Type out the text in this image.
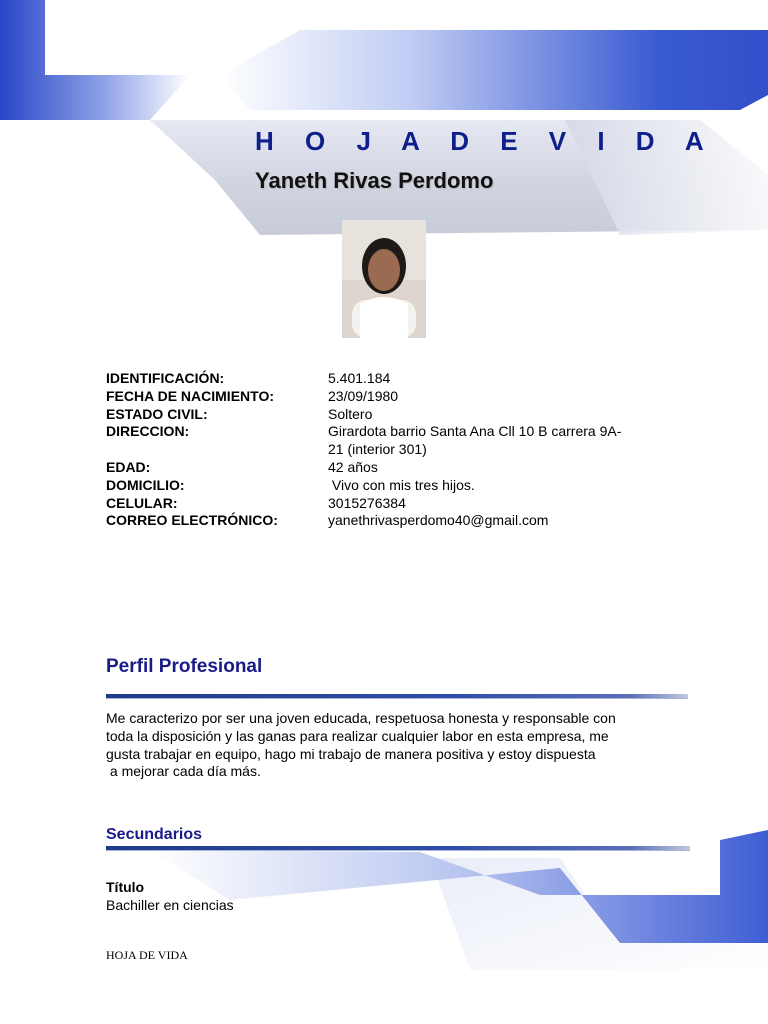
H O J A D E V I D A
Yaneth Rivas Perdomo
IDENTIFICACIÓN:	5.401.184
FECHA DE NACIMIENTO:	23/09/1980
ESTADO CIVIL:	Soltero
DIRECCION:	Girardota barrio Santa Ana Cll 10 B carrera 9A-21 (interior 301)
EDAD:	42 años
DOMICILIO:	Vivo con mis tres hijos.
CELULAR:	3015276384
CORREO ELECTRÓNICO:	yanethrivasperdomo40@gmail.com
Perfil Profesional
Me caracterizo por ser una joven educada, respetuosa honesta y responsable con
toda la disposición y las ganas para realizar cualquier labor en esta empresa, me
gusta trabajar en equipo, hago mi trabajo de manera positiva y estoy dispuesta
a mejorar cada día más.
Secundarios
Título
Bachiller en ciencias
HOJA DE VIDA
